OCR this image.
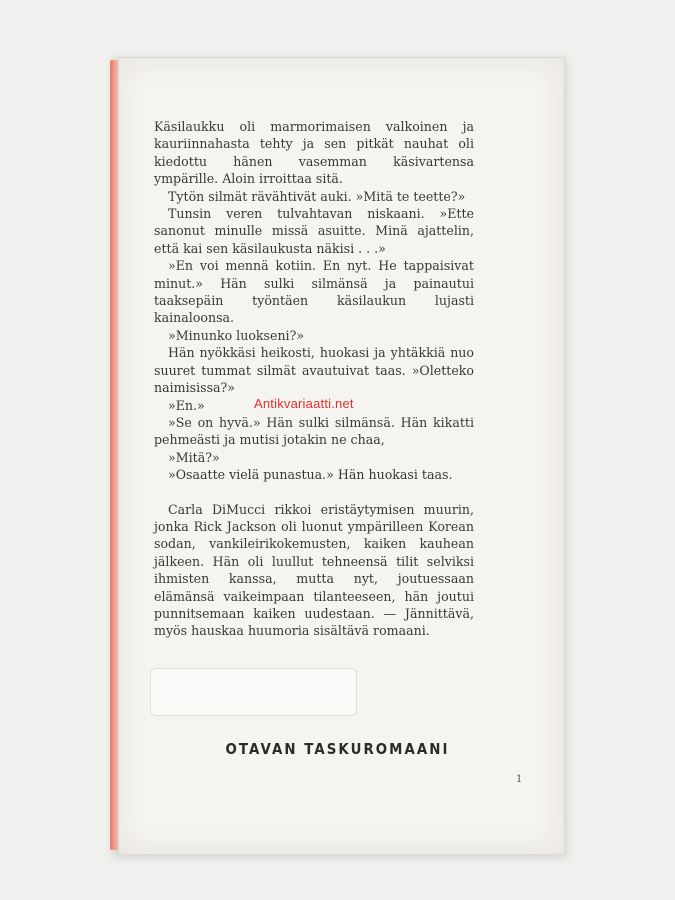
Käsilaukku oli marmorimaisen valkoinen ja kauriinnahasta tehty ja sen pitkät nauhat oli kiedottu hänen vasemman käsivartensa ympärille. Aloin irroittaa sitä.

Tytön silmät rävähtivät auki. »Mitä te teette?»

Tunsin veren tulvahtavan niskaani. »Ette sanonut minulle missä asuitte. Minä ajattelin, että kai sen käsilaukusta näkisi . . .»

»En voi mennä kotiin. En nyt. He tappaisivat minut.» Hän sulki silmänsä ja painautui taaksepäin työntäen käsilaukun lujasti kainaloonsa.

»Minunko luokseni?»

Hän nyökkäsi heikosti, huokasi ja yhtäkkiä nuo suuret tummat silmät avautuivat taas. »Oletteko naimisissa?»

»En.»

»Se on hyvä.» Hän sulki silmänsä. Hän kikatti pehmeästi ja mutisi jotakin ne chaa,

»Mitä?»

»Osaatte vielä punastua.» Hän huokasi taas.

Carla DiMucci rikkoi eristäytymisen muurin, jonka Rick Jackson oli luonut ympärilleen Korean sodan, vankileirikokemusten, kaiken kauhean jälkeen. Hän oli luullut tehneensä tilit selviksi ihmisten kanssa, mutta nyt, joutuessaan elämänsä vaikeimpaan tilanteeseen, hän joutui punnitsemaan kaiken uudestaan. — Jännittävä, myös hauskaa huumoria sisältävä romaani.

Antikvariaatti.net
OTAVAN TASKUROMAANI
1
